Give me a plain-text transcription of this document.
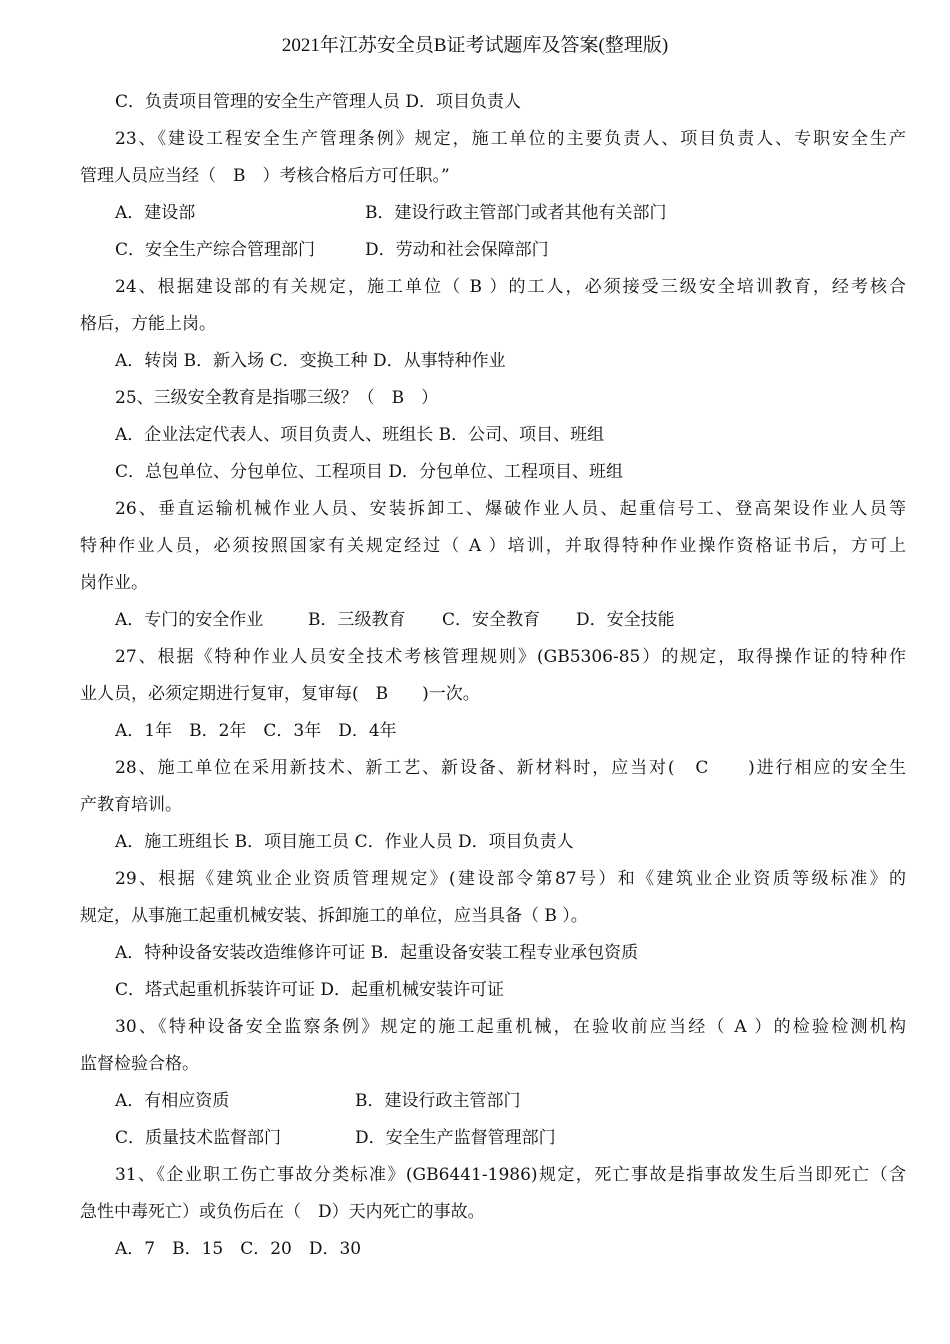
2021年江苏安全员B证考试题库及答案(整理版)
C．负责项目管理的安全生产管理人员 D．项目负责人
23、《建设工程安全生产管理条例》规定，施工单位的主要负责人、项目负责人、专职安全生产
管理人员应当经（　B　）考核合格后方可任职。”
A．建设部	B．建设行政主管部门或者其他有关部门
C．安全生产综合管理部门	D．劳动和社会保障部门
24、根据建设部的有关规定，施工单位（ B ）的工人，必须接受三级安全培训教育，经考核合
格后，方能上岗。
A．转岗 B．新入场 C．变换工种 D．从事特种作业
25、三级安全教育是指哪三级？（　B　）
A．企业法定代表人、项目负责人、班组长 B．公司、项目、班组
C．总包单位、分包单位、工程项目 D．分包单位、工程项目、班组
26、垂直运输机械作业人员、安装拆卸工、爆破作业人员、起重信号工、登高架设作业人员等
特种作业人员，必须按照国家有关规定经过（ A ）培训，并取得特种作业操作资格证书后，方可上
岗作业。
A．专门的安全作业	B．三级教育	C．安全教育	D．安全技能
27、根据《特种作业人员安全技术考核管理规则》(GB5306-85）的规定，取得操作证的特种作
业人员，必须定期进行复审，复审每(　B　　)一次。
A．1年　B．2年　C．3年　D．4年
28、施工单位在采用新技术、新工艺、新设备、新材料时，应当对(　C　　)进行相应的安全生
产教育培训。
A．施工班组长 B．项目施工员 C．作业人员 D．项目负责人
29、根据《建筑业企业资质管理规定》(建设部令第87号）和《建筑业企业资质等级标准》的
规定，从事施工起重机械安装、拆卸施工的单位，应当具备（ B ）。
A．特种设备安装改造维修许可证 B．起重设备安装工程专业承包资质
C．塔式起重机拆装许可证 D．起重机械安装许可证
30、《特种设备安全监察条例》规定的施工起重机械，在验收前应当经（ A ）的检验检测机构
监督检验合格。
A．有相应资质	B．建设行政主管部门
C．质量技术监督部门	D．安全生产监督管理部门
31、《企业职工伤亡事故分类标准》(GB6441-1986)规定，死亡事故是指事故发生后当即死亡（含
急性中毒死亡）或负伤后在（　D）天内死亡的事故。
A．7　B．15　C．20　D．30
